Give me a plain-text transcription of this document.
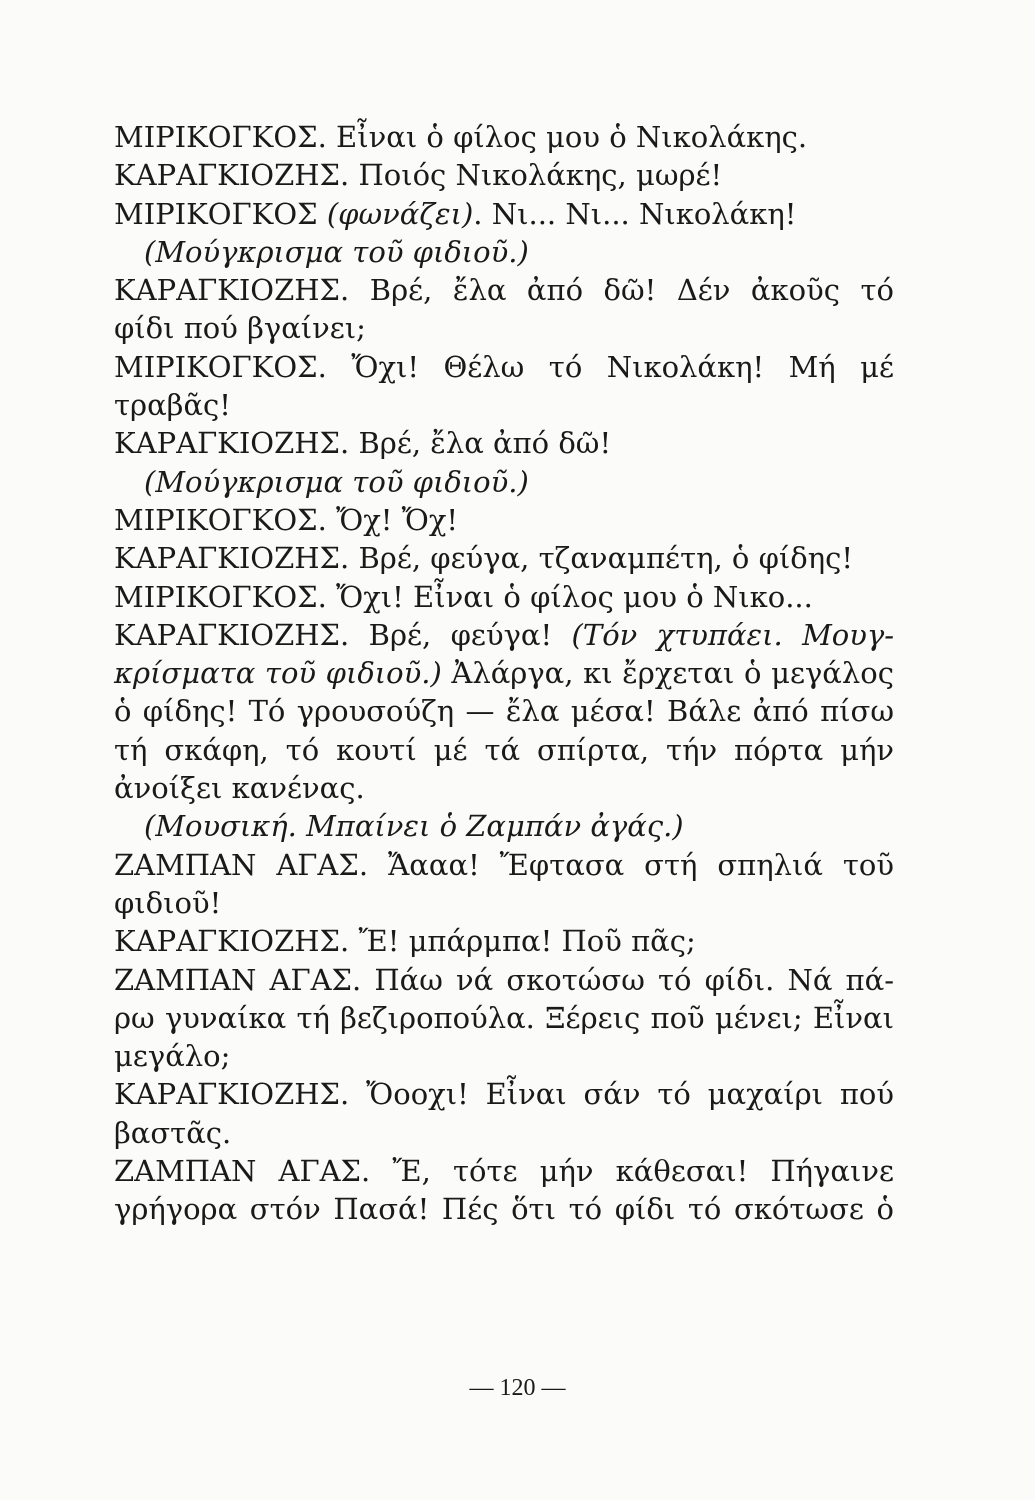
ΜΙΡΙΚΟΓΚΟΣ. Εἶναι ὁ φίλος μου ὁ Νικολάκης.
ΚΑΡΑΓΚΙΟΖΗΣ. Ποιός Νικολάκης, μωρέ!
ΜΙΡΙΚΟΓΚΟΣ (φωνάζει). Νι... Νι... Νικολάκη!
(Μούγκρισμα τοῦ φιδιοῦ.)
ΚΑΡΑΓΚΙΟΖΗΣ. Βρέ, ἔλα ἀπό δῶ! Δέν ἀκοῦς τό
φίδι πού βγαίνει;
ΜΙΡΙΚΟΓΚΟΣ. Ὄχι! Θέλω τό Νικολάκη! Μή μέ
τραβᾶς!
ΚΑΡΑΓΚΙΟΖΗΣ. Βρέ, ἔλα ἀπό δῶ!
(Μούγκρισμα τοῦ φιδιοῦ.)
ΜΙΡΙΚΟΓΚΟΣ. Ὄχ! Ὄχ!
ΚΑΡΑΓΚΙΟΖΗΣ. Βρέ, φεύγα, τζαναμπέτη, ὁ φίδης!
ΜΙΡΙΚΟΓΚΟΣ. Ὄχι! Εἶναι ὁ φίλος μου ὁ Νικο...
ΚΑΡΑΓΚΙΟΖΗΣ. Βρέ, φεύγα! (Τόν χτυπάει. Μουγ-
κρίσματα τοῦ φιδιοῦ.) Ἀλάργα, κι ἔρχεται ὁ μεγάλος
ὁ φίδης! Τό γρουσούζη — ἔλα μέσα! Βάλε ἀπό πίσω
τή σκάφη, τό κουτί μέ τά σπίρτα, τήν πόρτα μήν
ἀνοίξει κανένας.
(Μουσική. Μπαίνει ὁ Ζαμπάν ἀγάς.)
ΖΑΜΠΑΝ ΑΓΑΣ. Ἄααα! Ἔφτασα στή σπηλιά τοῦ
φιδιοῦ!
ΚΑΡΑΓΚΙΟΖΗΣ. Ἔ! μπάρμπα! Ποῦ πᾶς;
ΖΑΜΠΑΝ ΑΓΑΣ. Πάω νά σκοτώσω τό φίδι. Νά πά-
ρω γυναίκα τή βεζιροπούλα. Ξέρεις ποῦ μένει; Εἶναι
μεγάλο;
ΚΑΡΑΓΚΙΟΖΗΣ. Ὄοοχι! Εἶναι σάν τό μαχαίρι πού
βαστᾶς.
ΖΑΜΠΑΝ ΑΓΑΣ. Ἔ, τότε μήν κάθεσαι! Πήγαινε
γρήγορα στόν Πασά! Πές ὅτι τό φίδι τό σκότωσε ὁ
— 120 —
